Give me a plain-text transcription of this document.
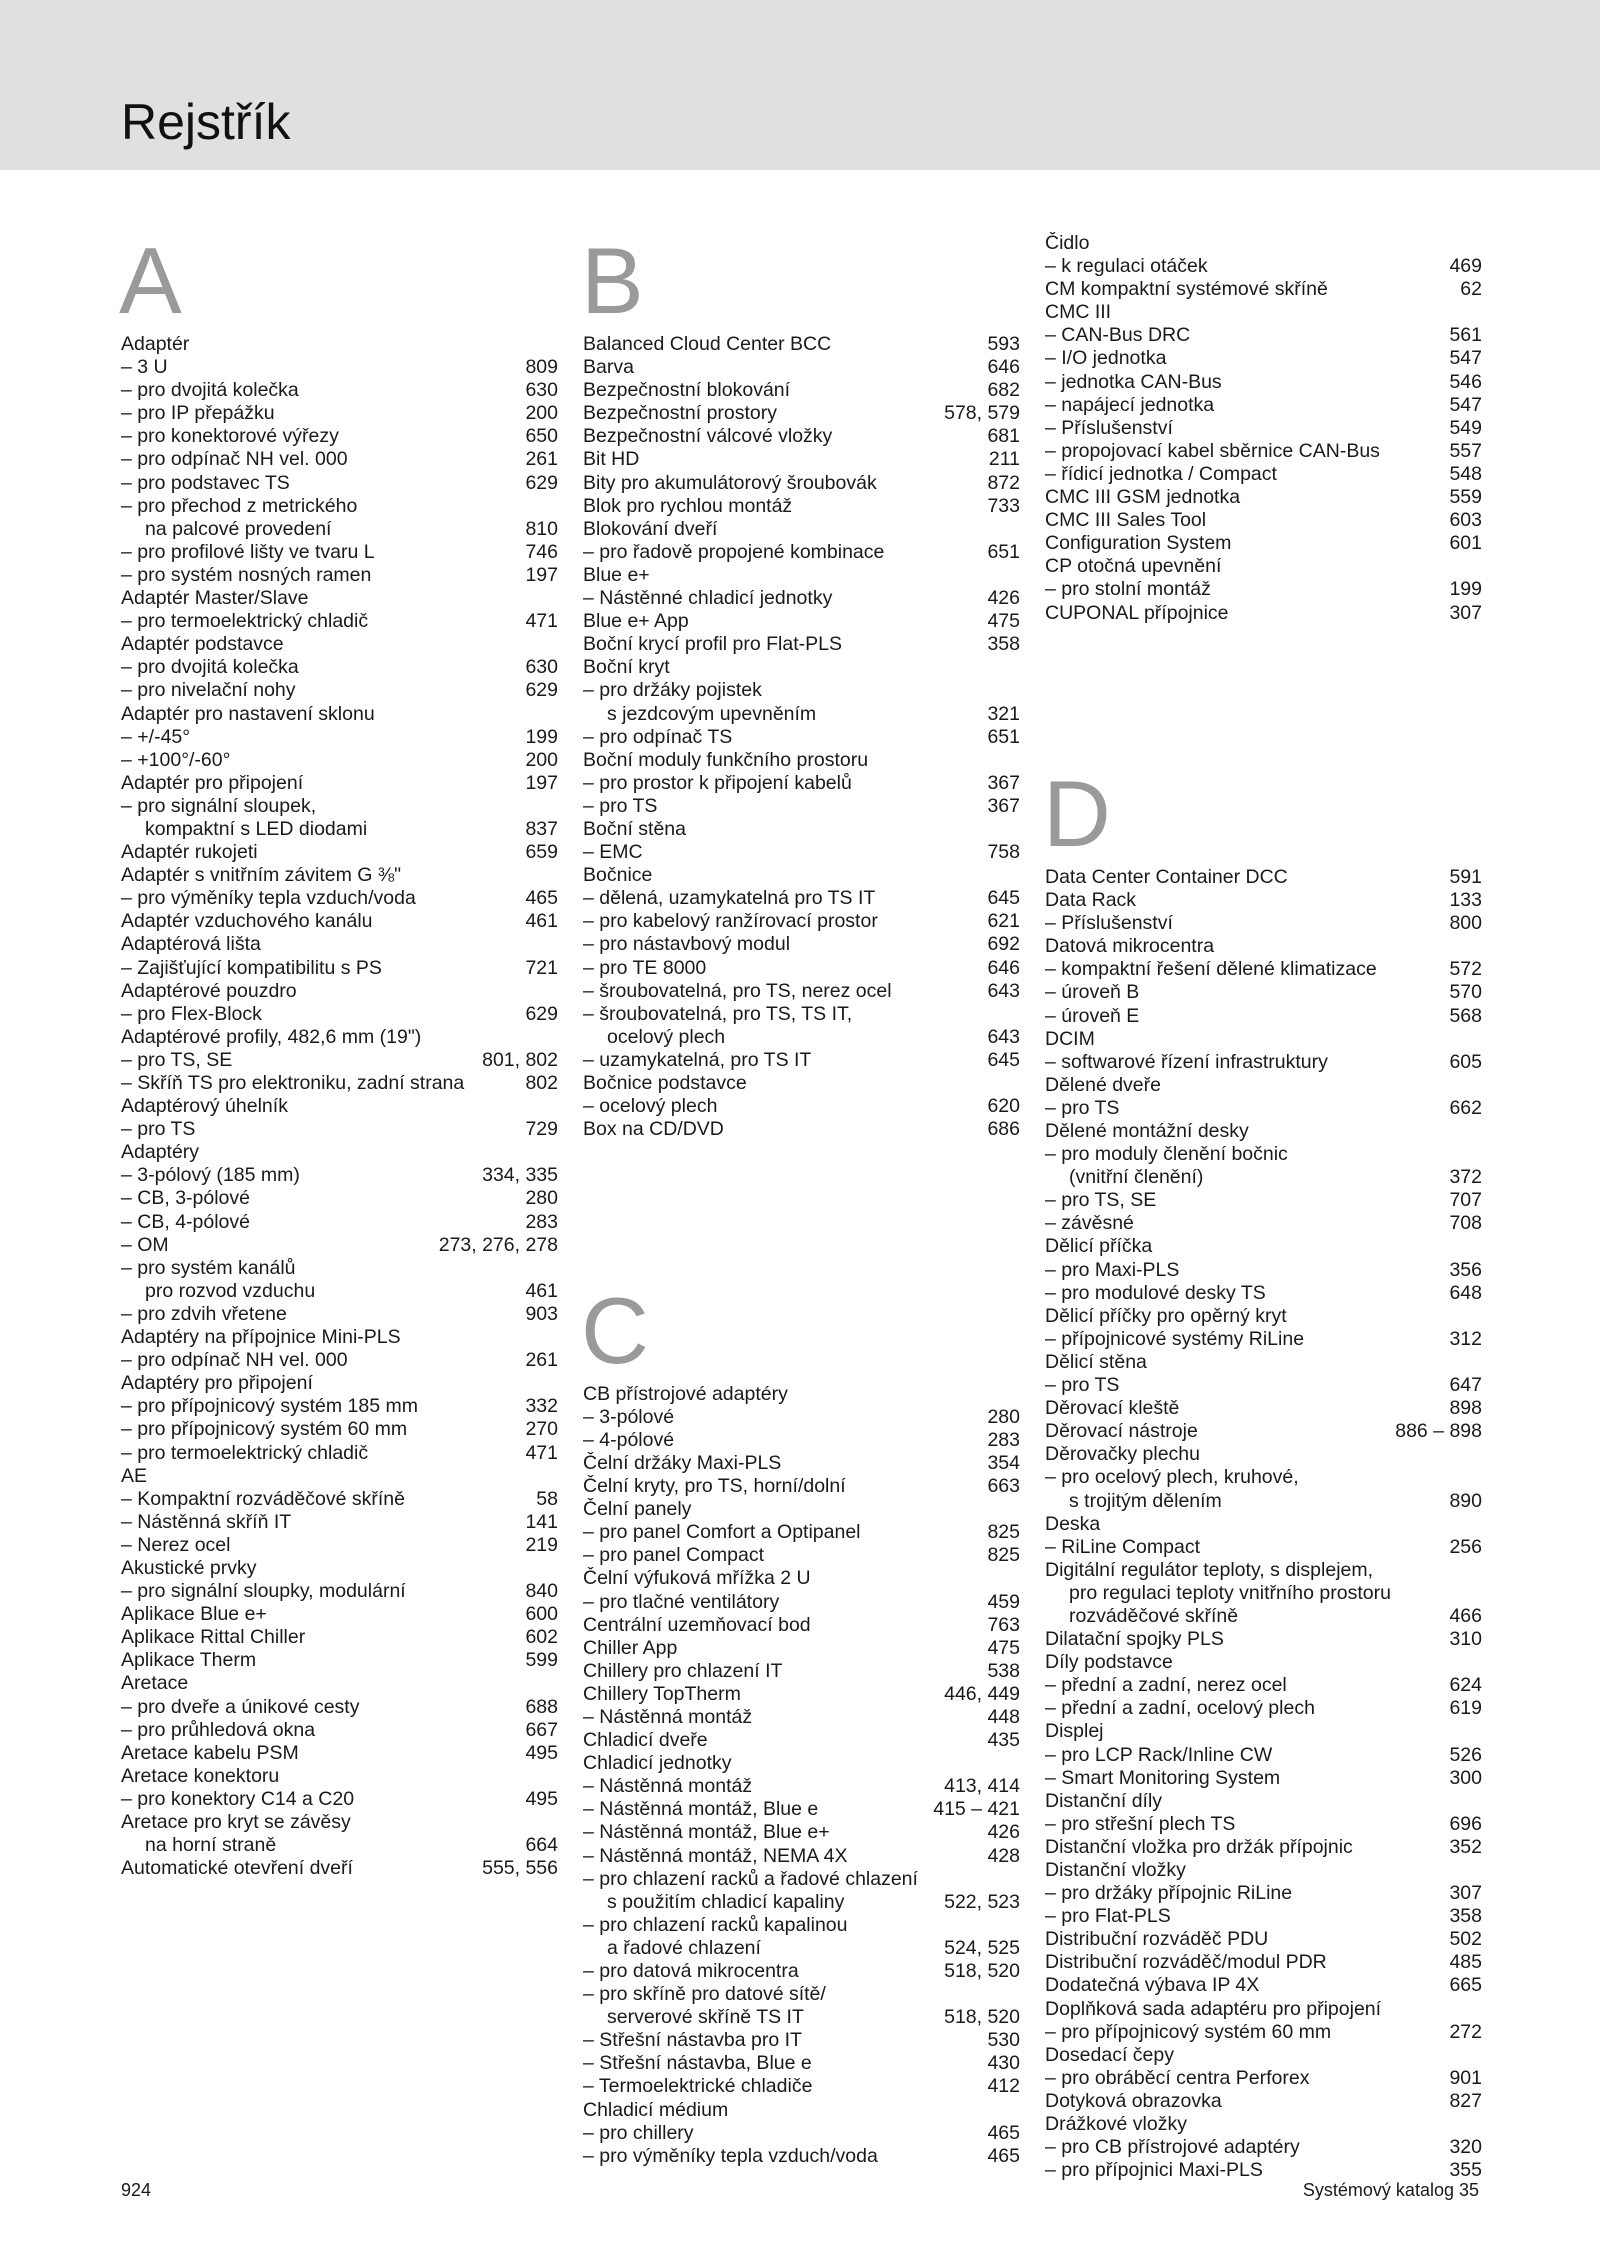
Rejstřík
A
Adaptér
– 3 U	809
– pro dvojitá kolečka	630
– pro IP přepážku	200
– pro konektorové výřezy	650
– pro odpínač NH vel. 000	261
– pro podstavec TS	629
– pro přechod z metrického
na palcové provedení	810
– pro profilové lišty ve tvaru L	746
– pro systém nosných ramen	197
Adaptér Master/Slave
– pro termoelektrický chladič	471
Adaptér podstavce
– pro dvojitá kolečka	630
– pro nivelační nohy	629
Adaptér pro nastavení sklonu
– +/-45°	199
– +100°/-60°	200
Adaptér pro připojení	197
– pro signální sloupek,
kompaktní s LED diodami	837
Adaptér rukojeti	659
Adaptér s vnitřním závitem G ⅜"
– pro výměníky tepla vzduch/voda	465
Adaptér vzduchového kanálu	461
Adaptérová lišta
– Zajišťující kompatibilitu s PS	721
Adaptérové pouzdro
– pro Flex-Block	629
Adaptérové profily, 482,6 mm (19")
– pro TS, SE	801, 802
– Skříň TS pro elektroniku, zadní strana	802
Adaptérový úhelník
– pro TS	729
Adaptéry
– 3-pólový (185 mm)	334, 335
– CB, 3-pólové	280
– CB, 4-pólové	283
– OM	273, 276, 278
– pro systém kanálů
pro rozvod vzduchu	461
– pro zdvih vřetene	903
Adaptéry na přípojnice Mini-PLS
– pro odpínač NH vel. 000	261
Adaptéry pro připojení
– pro přípojnicový systém 185 mm	332
– pro přípojnicový systém 60 mm	270
– pro termoelektrický chladič	471
AE
– Kompaktní rozváděčové skříně	58
– Nástěnná skříň IT	141
– Nerez ocel	219
Akustické prvky
– pro signální sloupky, modulární	840
Aplikace Blue e+	600
Aplikace Rittal Chiller	602
Aplikace Therm	599
Aretace
– pro dveře a únikové cesty	688
– pro průhledová okna	667
Aretace kabelu PSM	495
Aretace konektoru
– pro konektory C14 a C20	495
Aretace pro kryt se závěsy
na horní straně	664
Automatické otevření dveří	555, 556
B
Balanced Cloud Center BCC	593
Barva	646
Bezpečnostní blokování	682
Bezpečnostní prostory	578, 579
Bezpečnostní válcové vložky	681
Bit HD	211
Bity pro akumulátorový šroubovák	872
Blok pro rychlou montáž	733
Blokování dveří
– pro řadově propojené kombinace	651
Blue e+
– Nástěnné chladicí jednotky	426
Blue e+ App	475
Boční krycí profil pro Flat-PLS	358
Boční kryt
– pro držáky pojistek
s jezdcovým upevněním	321
– pro odpínač TS	651
Boční moduly funkčního prostoru
– pro prostor k připojení kabelů	367
– pro TS	367
Boční stěna
– EMC	758
Bočnice
– dělená, uzamykatelná pro TS IT	645
– pro kabelový ranžírovací prostor	621
– pro nástavbový modul	692
– pro TE 8000	646
– šroubovatelná, pro TS, nerez ocel	643
– šroubovatelná, pro TS, TS IT,
ocelový plech	643
– uzamykatelná, pro TS IT	645
Bočnice podstavce
– ocelový plech	620
Box na CD/DVD	686
C
CB přístrojové adaptéry
– 3-pólové	280
– 4-pólové	283
Čelní držáky Maxi-PLS	354
Čelní kryty, pro TS, horní/dolní	663
Čelní panely
– pro panel Comfort a Optipanel	825
– pro panel Compact	825
Čelní výfuková mřížka 2 U
– pro tlačné ventilátory	459
Centrální uzemňovací bod	763
Chiller App	475
Chillery pro chlazení IT	538
Chillery TopTherm	446, 449
– Nástěnná montáž	448
Chladicí dveře	435
Chladicí jednotky
– Nástěnná montáž	413, 414
– Nástěnná montáž, Blue e	415 – 421
– Nástěnná montáž, Blue e+	426
– Nástěnná montáž, NEMA 4X	428
– pro chlazení racků a řadové chlazení
s použitím chladicí kapaliny	522, 523
– pro chlazení racků kapalinou
a řadové chlazení	524, 525
– pro datová mikrocentra	518, 520
– pro skříně pro datové sítě/
serverové skříně TS IT	518, 520
– Střešní nástavba pro IT	530
– Střešní nástavba, Blue e	430
– Termoelektrické chladiče	412
Chladicí médium
– pro chillery	465
– pro výměníky tepla vzduch/voda	465
Čidlo
– k regulaci otáček	469
CM kompaktní systémové skříně	62
CMC III
– CAN-Bus DRC	561
– I/O jednotka	547
– jednotka CAN-Bus	546
– napájecí jednotka	547
– Příslušenství	549
– propojovací kabel sběrnice CAN-Bus	557
– řídicí jednotka / Compact	548
CMC III GSM jednotka	559
CMC III Sales Tool	603
Configuration System	601
CP otočná upevnění
– pro stolní montáž	199
CUPONAL přípojnice	307
D
Data Center Container DCC	591
Data Rack	133
– Příslušenství	800
Datová mikrocentra
– kompaktní řešení dělené klimatizace	572
– úroveň B	570
– úroveň E	568
DCIM
– softwarové řízení infrastruktury	605
Dělené dveře
– pro TS	662
Dělené montážní desky
– pro moduly členění bočnic
(vnitřní členění)	372
– pro TS, SE	707
– závěsné	708
Dělicí příčka
– pro Maxi-PLS	356
– pro modulové desky TS	648
Dělicí příčky pro opěrný kryt
– přípojnicové systémy RiLine	312
Dělicí stěna
– pro TS	647
Děrovací kleště	898
Děrovací nástroje	886 – 898
Děrovačky plechu
– pro ocelový plech, kruhové,
s trojitým dělením	890
Deska
– RiLine Compact	256
Digitální regulátor teploty, s displejem,
pro regulaci teploty vnitřního prostoru
rozváděčové skříně	466
Dilatační spojky PLS	310
Díly podstavce
– přední a zadní, nerez ocel	624
– přední a zadní, ocelový plech	619
Displej
– pro LCP Rack/Inline CW	526
– Smart Monitoring System	300
Distanční díly
– pro střešní plech TS	696
Distanční vložka pro držák přípojnic	352
Distanční vložky
– pro držáky přípojnic RiLine	307
– pro Flat-PLS	358
Distribuční rozváděč PDU	502
Distribuční rozváděč/modul PDR	485
Dodatečná výbava IP 4X	665
Doplňková sada adaptéru pro připojení
– pro přípojnicový systém 60 mm	272
Dosedací čepy
– pro obráběcí centra Perforex	901
Dotyková obrazovka	827
Drážkové vložky
– pro CB přístrojové adaptéry	320
– pro přípojnici Maxi-PLS	355
924	Systémový katalog 35
